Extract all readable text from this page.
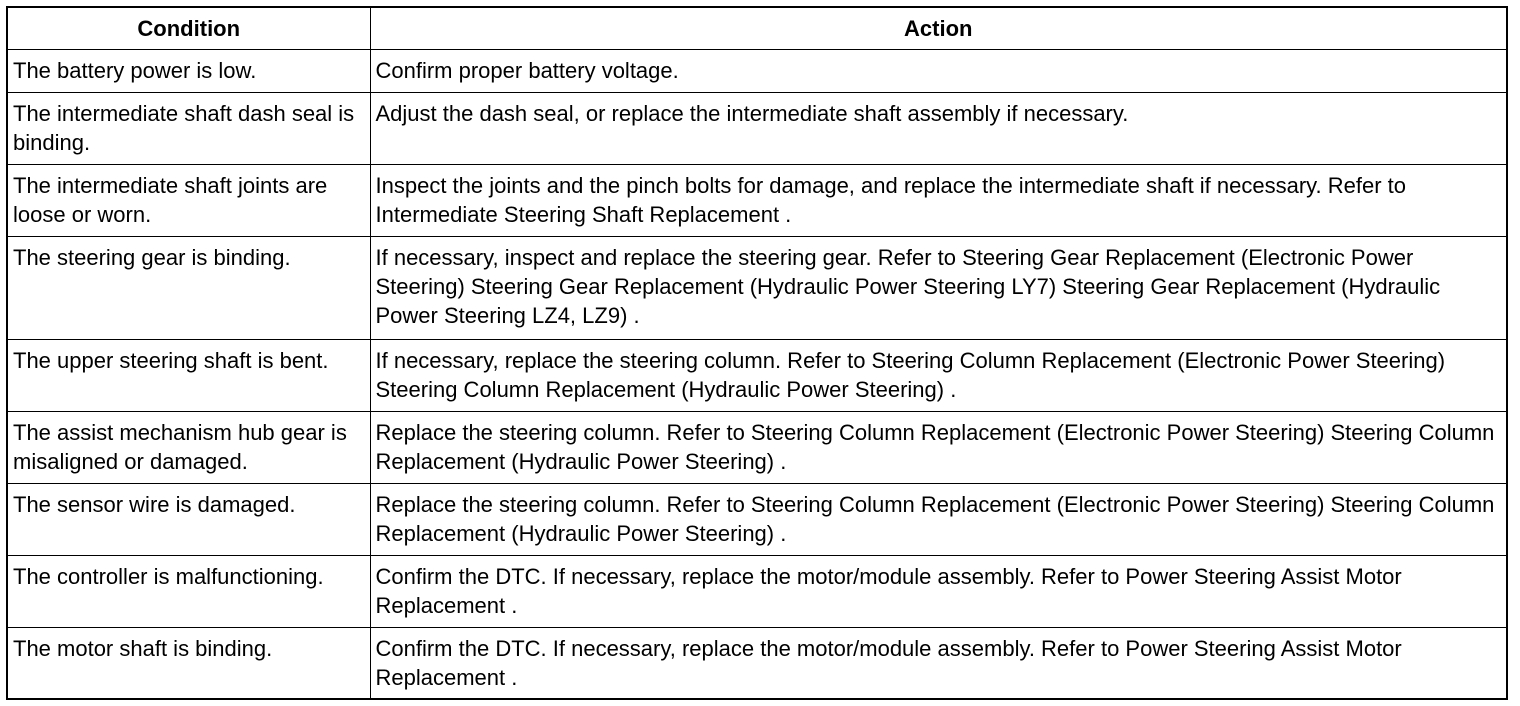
Condition	Action
The battery power is low.	Confirm proper battery voltage.
The intermediate shaft dash seal is binding.	Adjust the dash seal, or replace the intermediate shaft assembly if necessary.
The intermediate shaft joints are loose or worn.	Inspect the joints and the pinch bolts for damage, and replace the intermediate shaft if necessary. Refer to Intermediate Steering Shaft Replacement .
The steering gear is binding.	If necessary, inspect and replace the steering gear. Refer to Steering Gear Replacement (Electronic Power Steering) Steering Gear Replacement (Hydraulic Power Steering LY7) Steering Gear Replacement (Hydraulic Power Steering LZ4, LZ9) .
The upper steering shaft is bent.	If necessary, replace the steering column. Refer to Steering Column Replacement (Electronic Power Steering) Steering Column Replacement (Hydraulic Power Steering) .
The assist mechanism hub gear is misaligned or damaged.	Replace the steering column. Refer to Steering Column Replacement (Electronic Power Steering) Steering Column Replacement (Hydraulic Power Steering) .
The sensor wire is damaged.	Replace the steering column. Refer to Steering Column Replacement (Electronic Power Steering) Steering Column Replacement (Hydraulic Power Steering) .
The controller is malfunctioning.	Confirm the DTC. If necessary, replace the motor/module assembly. Refer to Power Steering Assist Motor Replacement .
The motor shaft is binding.	Confirm the DTC. If necessary, replace the motor/module assembly. Refer to Power Steering Assist Motor Replacement .
